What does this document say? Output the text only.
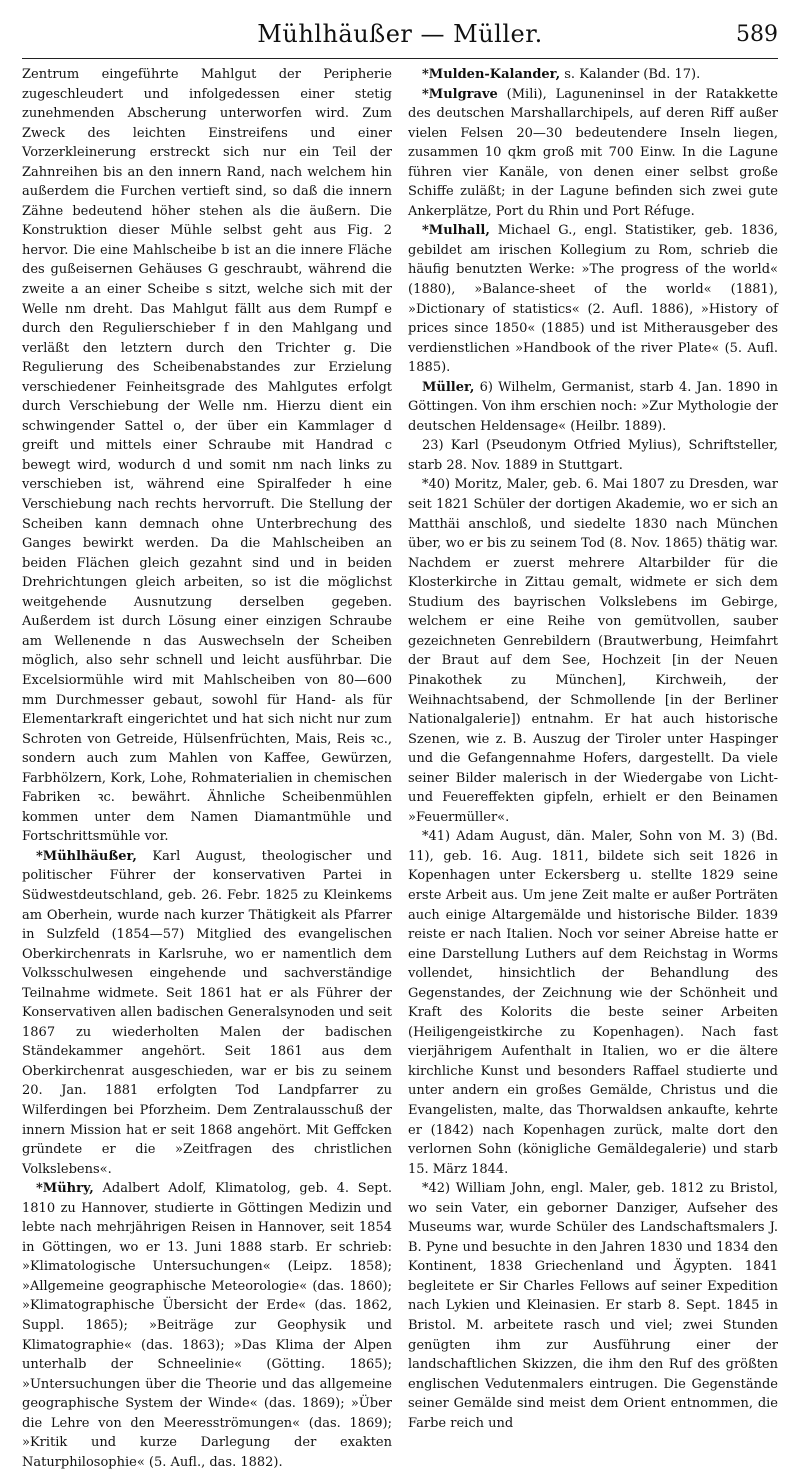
Mühlhäußer — Müller.	589

Zentrum eingeführte Mahlgut der Peripherie zugeschleudert und infolgedessen einer stetig zunehmenden Abscherung unterworfen wird. Zum Zweck des leichten Einstreifens und einer Vorzerkleinerung erstreckt sich nur ein Teil der Zahnreihen bis an den innern Rand, nach welchem hin außerdem die Furchen vertieft sind, so daß die innern Zähne bedeutend höher stehen als die äußern. Die Konstruktion dieser Mühle selbst geht aus Fig. 2 hervor. Die eine Mahlscheibe b ist an die innere Fläche des gußeisernen Gehäuses G geschraubt, während die zweite a an einer Scheibe s sitzt, welche sich mit der Welle nm dreht. Das Mahlgut fällt aus dem Rumpf e durch den Regulierschieber f in den Mahlgang und verläßt den letztern durch den Trichter g. Die Regulierung des Scheibenabstandes zur Erzielung verschiedener Feinheitsgrade des Mahlgutes erfolgt durch Verschiebung der Welle nm. Hierzu dient ein schwingender Sattel o, der über ein Kammlager d greift und mittels einer Schraube mit Handrad c bewegt wird, wodurch d und somit nm nach links zu verschieben ist, während eine Spiralfeder h eine Verschiebung nach rechts hervorruft. Die Stellung der Scheiben kann demnach ohne Unterbrechung des Ganges bewirkt werden. Da die Mahlscheiben an beiden Flächen gleich gezahnt sind und in beiden Drehrichtungen gleich arbeiten, so ist die möglichst weitgehende Ausnutzung derselben gegeben. Außerdem ist durch Lösung einer einzigen Schraube am Wellenende n das Auswechseln der Scheiben möglich, also sehr schnell und leicht ausführbar. Die Excelsiormühle wird mit Mahlscheiben von 80—600 mm Durchmesser gebaut, sowohl für Hand- als für Elementarkraft eingerichtet und hat sich nicht nur zum Schroten von Getreide, Hülsenfrüchten, Mais, Reis ꝛc., sondern auch zum Mahlen von Kaffee, Gewürzen, Farbhölzern, Kork, Lohe, Rohmaterialien in chemischen Fabriken ꝛc. bewährt. Ähnliche Scheibenmühlen kommen unter dem Namen Diamantmühle und Fortschrittsmühle vor.

*Mühlhäußer, Karl August, theologischer und politischer Führer der konservativen Partei in Südwestdeutschland, geb. 26. Febr. 1825 zu Kleinkems am Oberhein, wurde nach kurzer Thätigkeit als Pfarrer in Sulzfeld (1854—57) Mitglied des evangelischen Oberkirchenrats in Karlsruhe, wo er namentlich dem Volksschulwesen eingehende und sachverständige Teilnahme widmete. Seit 1861 hat er als Führer der Konservativen allen badischen Generalsynoden und seit 1867 zu wiederholten Malen der badischen Ständekammer angehört. Seit 1861 aus dem Oberkirchenrat ausgeschieden, war er bis zu seinem 20. Jan. 1881 erfolgten Tod Landpfarrer zu Wilferdingen bei Pforzheim. Dem Zentralausschuß der innern Mission hat er seit 1868 angehört. Mit Geffcken gründete er die »Zeitfragen des christlichen Volkslebens«.

*Mühry, Adalbert Adolf, Klimatolog, geb. 4. Sept. 1810 zu Hannover, studierte in Göttingen Medizin und lebte nach mehrjährigen Reisen in Hannover, seit 1854 in Göttingen, wo er 13. Juni 1888 starb. Er schrieb: »Klimatologische Untersuchungen« (Leipz. 1858); »Allgemeine geographische Meteorologie« (das. 1860); »Klimatographische Übersicht der Erde« (das. 1862, Suppl. 1865); »Beiträge zur Geophysik und Klimatographie« (das. 1863); »Das Klima der Alpen unterhalb der Schneelinie« (Götting. 1865); »Untersuchungen über die Theorie und das allgemeine geographische System der Winde« (das. 1869); »Über die Lehre von den Meeresströmungen« (das. 1869); »Kritik und kurze Darlegung der exakten Naturphilosophie« (5. Aufl., das. 1882).

*Mulden-Kalander, s. Kalander (Bd. 17).

*Mulgrave (Mili), Laguneninsel in der Ratakkette des deutschen Marshallarchipels, auf deren Riff außer vielen Felsen 20—30 bedeutendere Inseln liegen, zusammen 10 qkm groß mit 700 Einw. In die Lagune führen vier Kanäle, von denen einer selbst große Schiffe zuläßt; in der Lagune befinden sich zwei gute Ankerplätze, Port du Rhin und Port Réfuge.

*Mulhall, Michael G., engl. Statistiker, geb. 1836, gebildet am irischen Kollegium zu Rom, schrieb die häufig benutzten Werke: »The progress of the world« (1880), »Balance-sheet of the world« (1881), »Dictionary of statistics« (2. Aufl. 1886), »History of prices since 1850« (1885) und ist Mitherausgeber des verdienstlichen »Handbook of the river Plate« (5. Aufl. 1885).

Müller, 6) Wilhelm, Germanist, starb 4. Jan. 1890 in Göttingen. Von ihm erschien noch: »Zur Mythologie der deutschen Heldensage« (Heilbr. 1889).

23) Karl (Pseudonym Otfried Mylius), Schriftsteller, starb 28. Nov. 1889 in Stuttgart.

*40) Moritz, Maler, geb. 6. Mai 1807 zu Dresden, war seit 1821 Schüler der dortigen Akademie, wo er sich an Matthäi anschloß, und siedelte 1830 nach München über, wo er bis zu seinem Tod (8. Nov. 1865) thätig war. Nachdem er zuerst mehrere Altarbilder für die Klosterkirche in Zittau gemalt, widmete er sich dem Studium des bayrischen Volkslebens im Gebirge, welchem er eine Reihe von gemütvollen, sauber gezeichneten Genrebildern (Brautwerbung, Heimfahrt der Braut auf dem See, Hochzeit [in der Neuen Pinakothek zu München], Kirchweih, der Weihnachtsabend, der Schmollende [in der Berliner Nationalgalerie]) entnahm. Er hat auch historische Szenen, wie z. B. Auszug der Tiroler unter Haspinger und die Gefangennahme Hofers, dargestellt. Da viele seiner Bilder malerisch in der Wiedergabe von Licht- und Feuereffekten gipfeln, erhielt er den Beinamen »Feuermüller«.

*41) Adam August, dän. Maler, Sohn von M. 3) (Bd. 11), geb. 16. Aug. 1811, bildete sich seit 1826 in Kopenhagen unter Eckersberg u. stellte 1829 seine erste Arbeit aus. Um jene Zeit malte er außer Porträten auch einige Altargemälde und historische Bilder. 1839 reiste er nach Italien. Noch vor seiner Abreise hatte er eine Darstellung Luthers auf dem Reichstag in Worms vollendet, hinsichtlich der Behandlung des Gegenstandes, der Zeichnung wie der Schönheit und Kraft des Kolorits die beste seiner Arbeiten (Heiligengeistkirche zu Kopenhagen). Nach fast vierjährigem Aufenthalt in Italien, wo er die ältere kirchliche Kunst und besonders Raffael studierte und unter andern ein großes Gemälde, Christus und die Evangelisten, malte, das Thorwaldsen ankaufte, kehrte er (1842) nach Kopenhagen zurück, malte dort den verlornen Sohn (königliche Gemäldegalerie) und starb 15. März 1844.

*42) William John, engl. Maler, geb. 1812 zu Bristol, wo sein Vater, ein geborner Danziger, Aufseher des Museums war, wurde Schüler des Landschaftsmalers J. B. Pyne und besuchte in den Jahren 1830 und 1834 den Kontinent, 1838 Griechenland und Ägypten. 1841 begleitete er Sir Charles Fellows auf seiner Expedition nach Lykien und Kleinasien. Er starb 8. Sept. 1845 in Bristol. M. arbeitete rasch und viel; zwei Stunden genügten ihm zur Ausführung einer der landschaftlichen Skizzen, die ihm den Ruf des größten englischen Vedutenmalers eintrugen. Die Gegenstände seiner Gemälde sind meist dem Orient entnommen, die Farbe reich und
